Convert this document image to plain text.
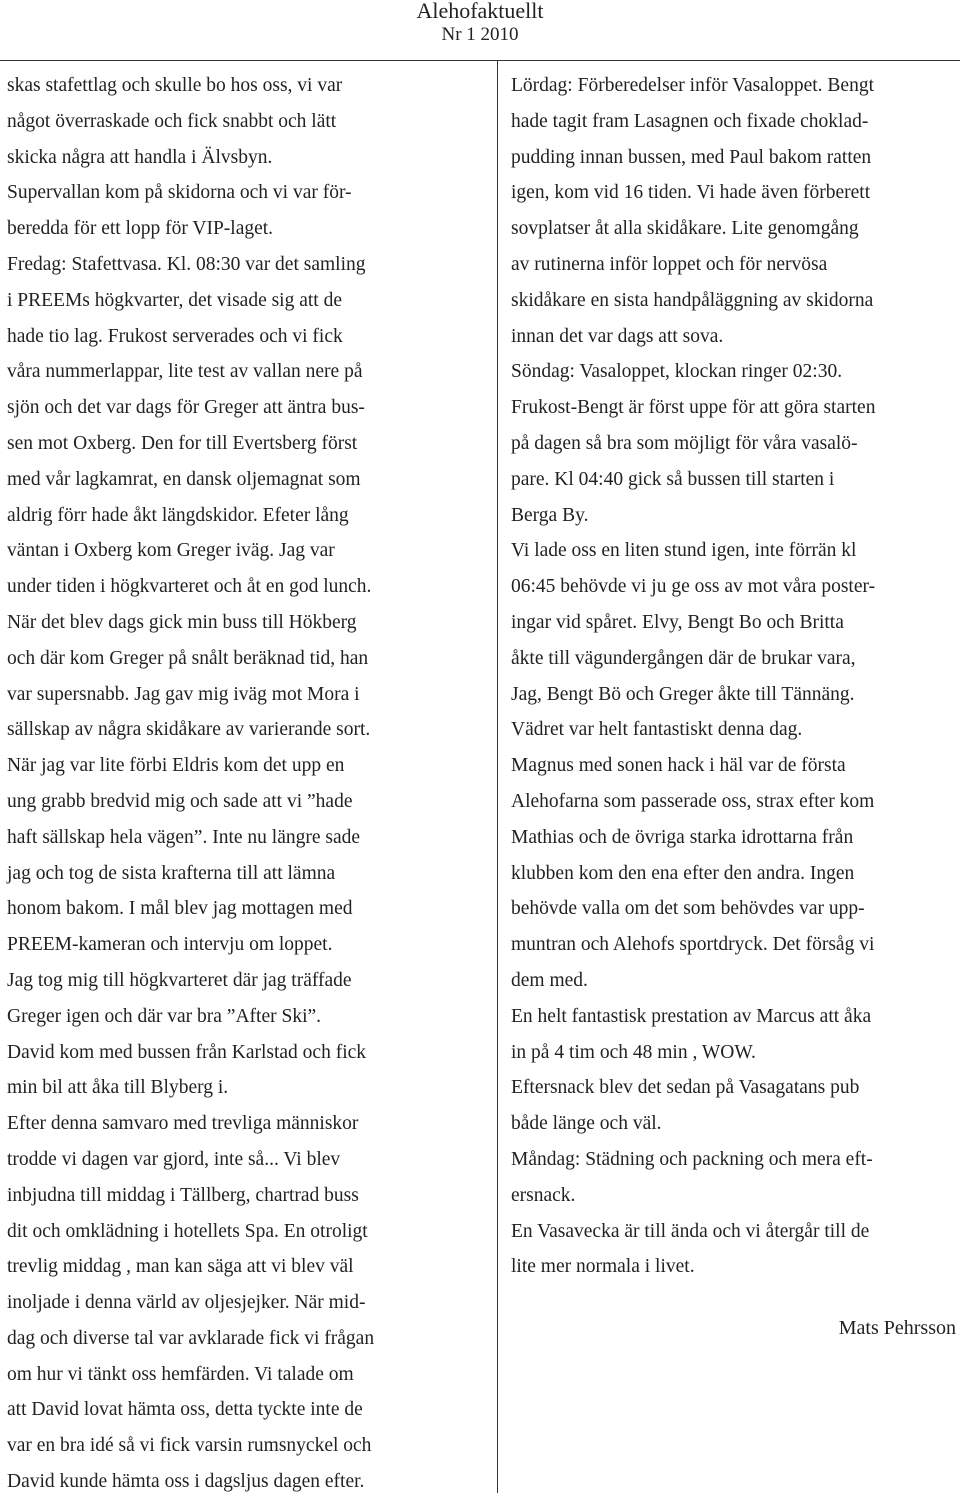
Alehofaktuellt
Nr 1 2010
skas stafettlag och skulle bo hos oss, vi var
något överraskade och fick snabbt och lätt
skicka några att handla i Älvsbyn.
Supervallan kom på skidorna och vi var för-
beredda för ett lopp för VIP-laget.
Fredag: Stafettvasa. Kl. 08:30 var det samling
i PREEMs högkvarter, det visade sig att de
hade tio lag. Frukost serverades och vi fick
våra nummerlappar, lite test av vallan nere på
sjön och det var dags för Greger att äntra bus-
sen mot Oxberg. Den for till Evertsberg först
med vår lagkamrat, en dansk oljemagnat som
aldrig förr hade åkt längdskidor. Efeter lång
väntan i Oxberg kom Greger iväg. Jag var
under tiden i högkvarteret och åt en god lunch.
När det blev dags gick min buss till Hökberg
och där kom Greger på snålt beräknad tid, han
var supersnabb. Jag gav mig iväg mot Mora i
sällskap av några skidåkare av varierande sort.
När jag var lite förbi Eldris kom det upp en
ung grabb bredvid mig och sade att vi ”hade
haft sällskap hela vägen”. Inte nu längre sade
jag och tog de sista krafterna till att lämna
honom bakom. I mål blev jag mottagen med
PREEM-kameran och intervju om loppet.
Jag tog mig till högkvarteret där jag träffade
Greger igen och där var bra ”After Ski”.
David kom med bussen från Karlstad och fick
min bil att åka till Blyberg i.
Efter denna samvaro med trevliga människor
trodde vi dagen var gjord, inte så... Vi blev
inbjudna till middag i Tällberg, chartrad buss
dit och omklädning i hotellets Spa. En otroligt
trevlig middag , man kan säga att vi blev väl
inoljade i denna värld av oljesjejker. När mid-
dag och diverse tal var avklarade fick vi frågan
om hur vi tänkt oss hemfärden. Vi talade om
att David lovat hämta oss, detta tyckte inte de
var en bra idé så vi fick varsin rumsnyckel och
David kunde hämta oss i dagsljus dagen efter.
Lördag: Förberedelser inför Vasaloppet. Bengt
hade tagit fram Lasagnen och fixade choklad-
pudding innan bussen, med Paul bakom ratten
igen, kom vid 16 tiden. Vi hade även förberett
sovplatser åt alla skidåkare. Lite genomgång
av rutinerna inför loppet och för nervösa
skidåkare en sista handpåläggning av skidorna
innan det var dags att sova.
Söndag: Vasaloppet, klockan ringer 02:30.
Frukost-Bengt är först uppe för att göra starten
på dagen så bra som möjligt för våra vasalö-
pare. Kl 04:40 gick så bussen till starten i
Berga By.
Vi lade oss en liten stund igen, inte förrän kl
06:45 behövde vi ju ge oss av mot våra poster-
ingar vid spåret. Elvy, Bengt Bo och Britta
åkte till vägundergången där de brukar vara,
Jag, Bengt Bö och Greger åkte till Tännäng.
Vädret var helt fantastiskt denna dag.
Magnus med sonen hack i häl var de första
Alehofarna som passerade oss, strax efter kom
Mathias och de övriga starka idrottarna från
klubben kom den ena efter den andra. Ingen
behövde valla om det som behövdes var upp-
muntran och Alehofs sportdryck. Det försåg vi
dem med.
En helt fantastisk prestation av Marcus att åka
in på 4 tim och 48 min , WOW.
Eftersnack blev det sedan på Vasagatans pub
både länge och väl.
Måndag: Städning och packning och mera eft-
ersnack.
En Vasavecka är till ända och vi återgår till de
lite mer normala i livet.
Mats Pehrsson
